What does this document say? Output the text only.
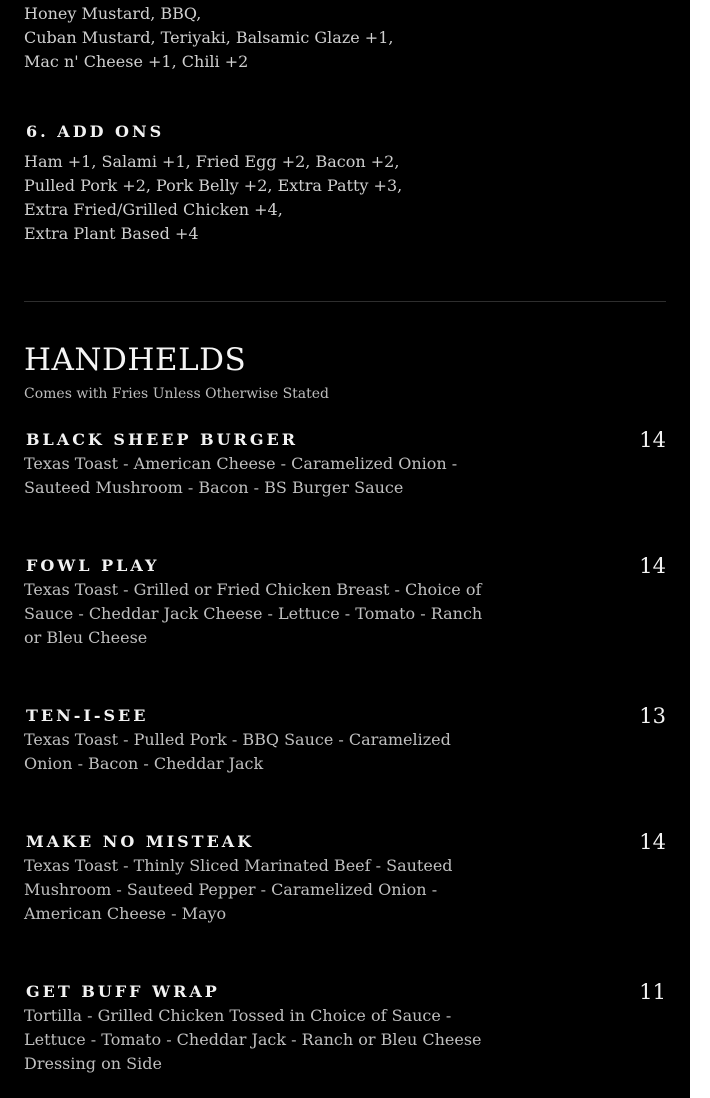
Honey Mustard, BBQ,
Cuban Mustard, Teriyaki, Balsamic Glaze +1,
Mac n' Cheese +1, Chili +2
6. ADD ONS
Ham +1, Salami +1, Fried Egg +2, Bacon +2,
Pulled Pork +2, Pork Belly +2, Extra Patty +3,
Extra Fried/Grilled Chicken +4,
Extra Plant Based +4
HANDHELDS
Comes with Fries Unless Otherwise Stated
BLACK SHEEP BURGER	14
Texas Toast - American Cheese - Caramelized Onion - Sauteed Mushroom - Bacon - BS Burger Sauce
FOWL PLAY	14
Texas Toast - Grilled or Fried Chicken Breast - Choice of Sauce - Cheddar Jack Cheese - Lettuce - Tomato - Ranch or Bleu Cheese
TEN-I-SEE	13
Texas Toast - Pulled Pork - BBQ Sauce - Caramelized Onion - Bacon - Cheddar Jack
MAKE NO MISTEAK	14
Texas Toast - Thinly Sliced Marinated Beef - Sauteed Mushroom - Sauteed Pepper - Caramelized Onion - American Cheese - Mayo
GET BUFF WRAP	11
Tortilla - Grilled Chicken Tossed in Choice of Sauce - Lettuce - Tomato - Cheddar Jack - Ranch or Bleu Cheese Dressing on Side
